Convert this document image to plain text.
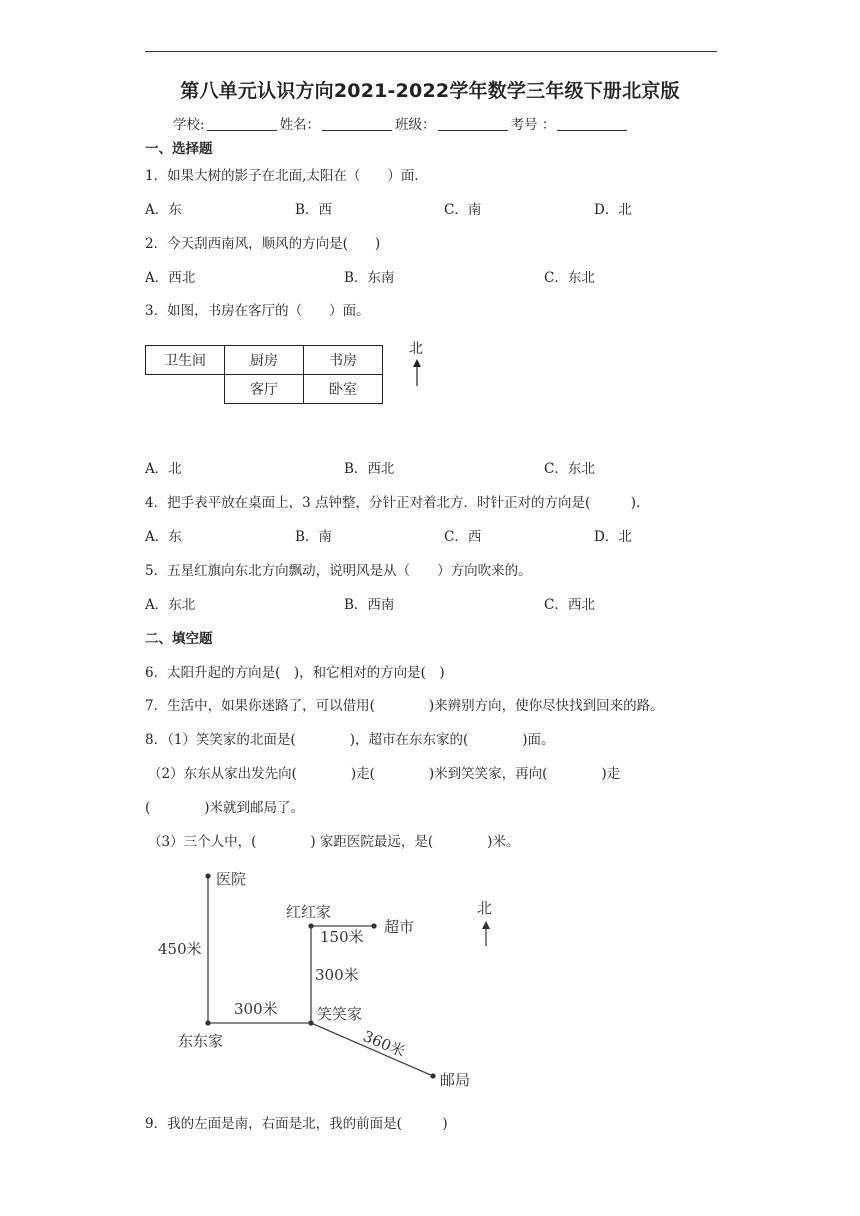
第八单元认识方向2021-2022学年数学三年级下册北京版
学校:	姓名：	班级：	考号 ：
一、选择题
1．如果大树的影子在北面,太阳在（　　）面．
A．东	B．西	C．南	D．北
2．今天刮西南风，顺风的方向是(　　)
A．西北	B．东南	C．东北
3．如图，书房在客厅的（　　）面。
卫生间	厨房	书房
	客厅	卧室
北
A．北	B．西北	C．东北
4．把手表平放在桌面上，3 点钟整，分针正对着北方．时针正对的方向是(　　　).
A．东	B．南	C．西	D．北
5．五星红旗向东北方向飘动，说明风是从（　　）方向吹来的。
A．东北	B．西南	C．西北
二、填空题
6．太阳升起的方向是(　)，和它相对的方向是(　)
7．生活中，如果你迷路了，可以借用(　　　　)来辨别方向，使你尽快找到回来的路。
8．（1）笑笑家的北面是(　　　　)，超市在东东家的(　　　　)面。
（2）东东从家出发先向(　　　　)走(　　　　)米到笑笑家，再向(　　　　)走
(　　　　)米就到邮局了。
（3）三个人中，(　　　　) 家距医院最远，是(　　　　)米。
医院
红红家
超市
450米
150米
300米
300米	笑笑家
东东家	360米
邮局
北
9．我的左面是南，右面是北，我的前面是(　　　)
